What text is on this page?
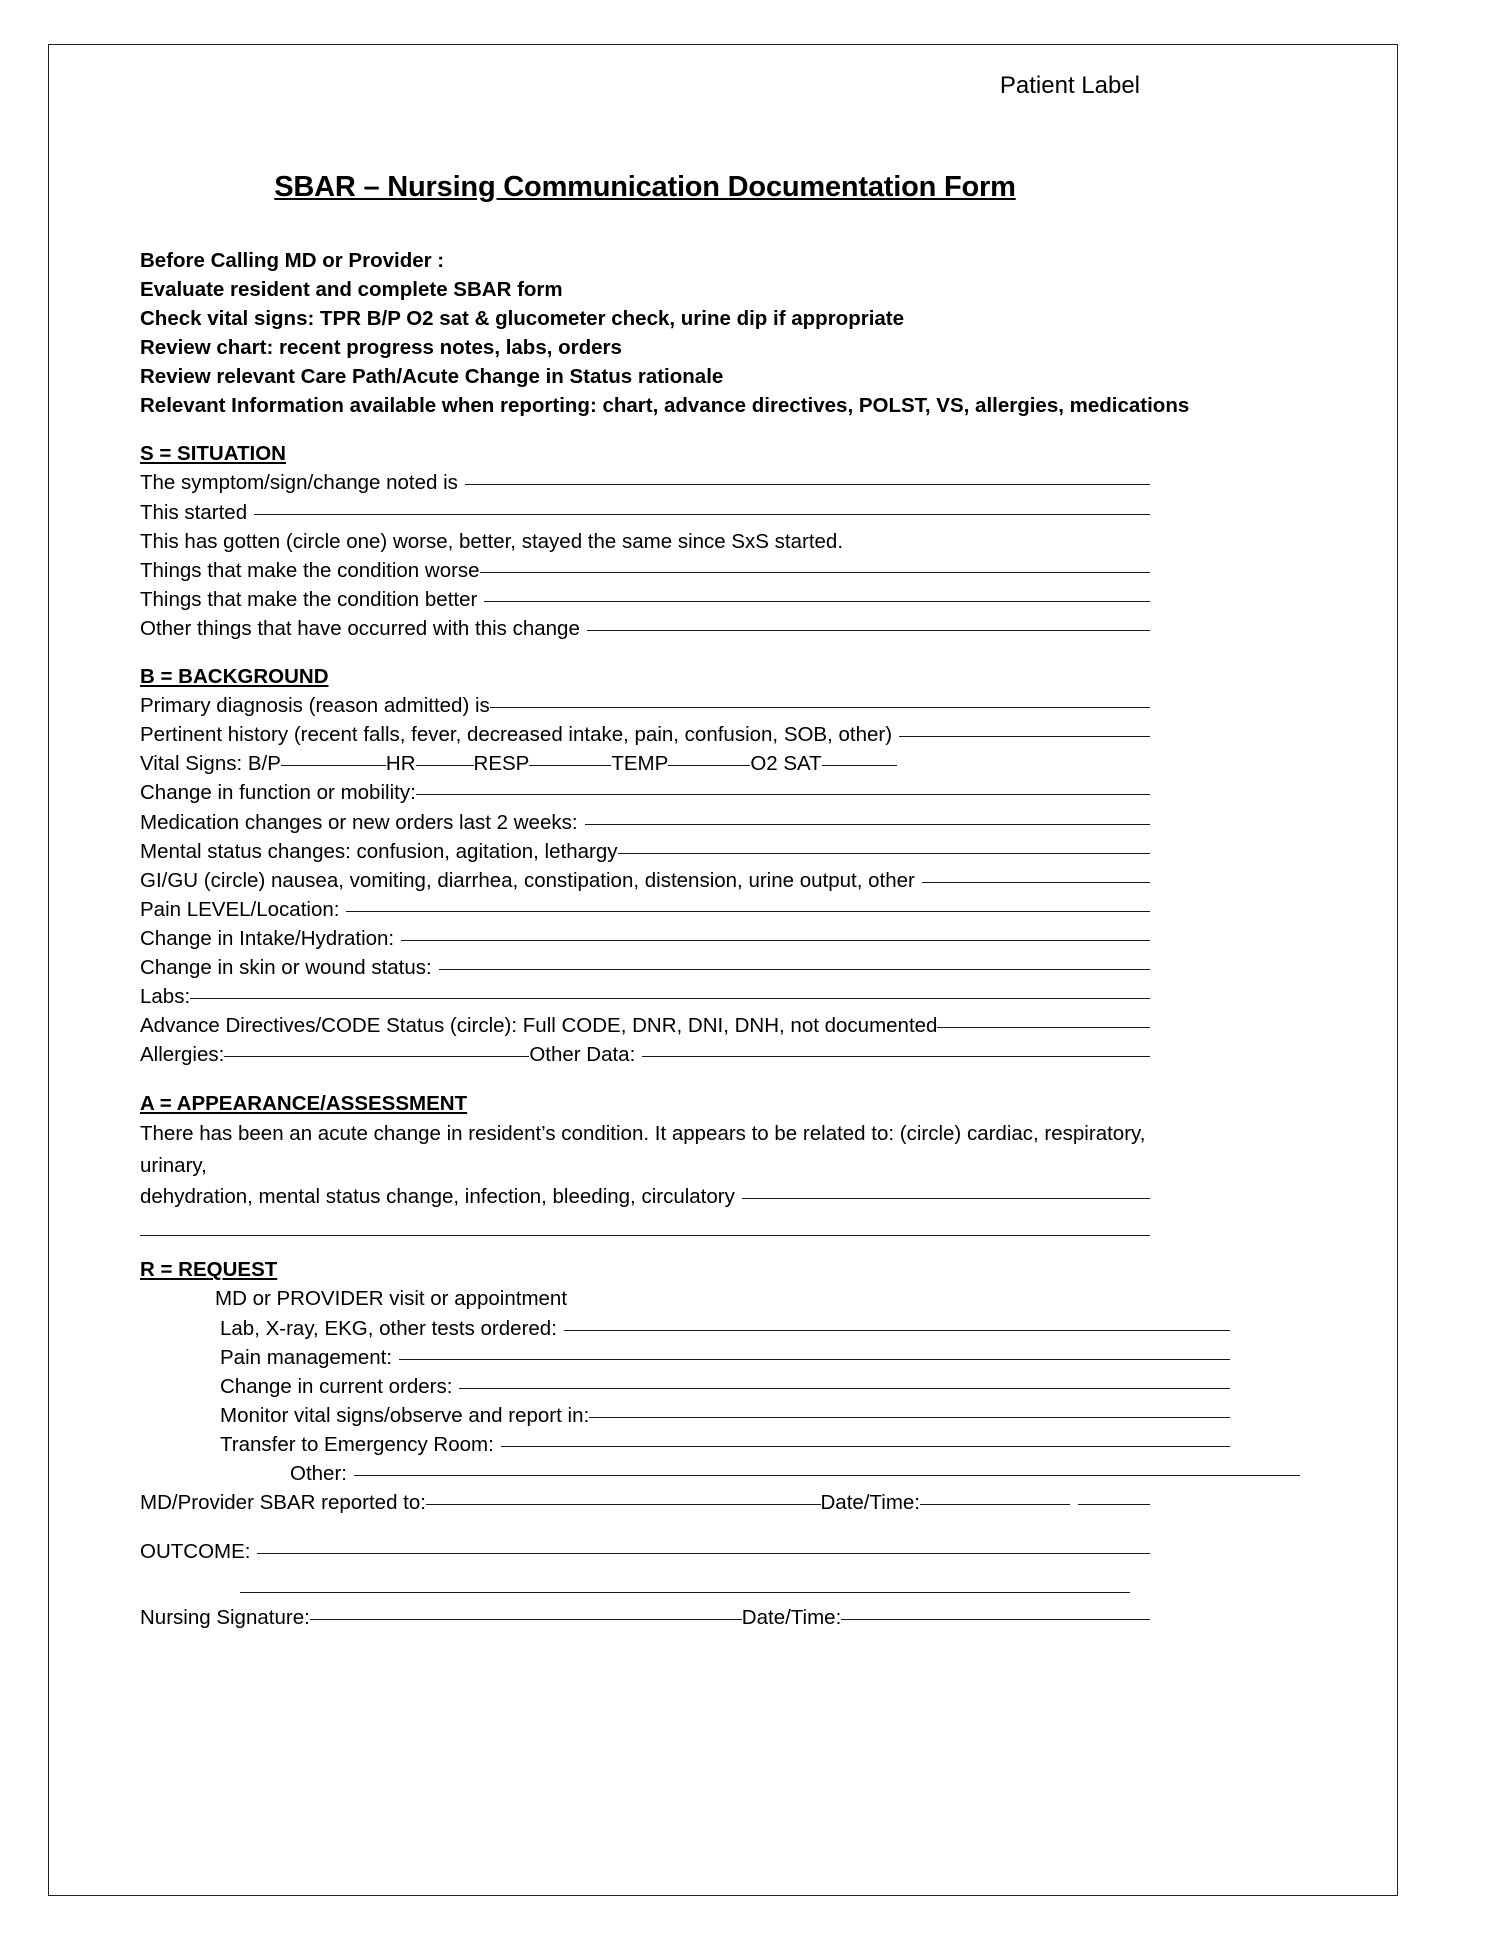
Patient Label
SBAR – Nursing Communication Documentation Form
Before Calling MD or Provider :
Evaluate resident and complete SBAR form
Check vital signs: TPR B/P O2 sat & glucometer check, urine dip if appropriate
Review chart: recent progress notes, labs, orders
Review relevant Care Path/Acute Change in Status rationale
Relevant Information available when reporting: chart, advance directives, POLST, VS, allergies, medications
S = SITUATION
The symptom/sign/change noted is
This started
This has gotten (circle one) worse, better, stayed the same since SxS started.
Things that make the condition worse
Things that make the condition better
Other things that have occurred with this change
B = BACKGROUND
Primary diagnosis (reason admitted) is
Pertinent history (recent falls, fever, decreased intake, pain, confusion, SOB, other)
Vital Signs: B/P	HR	RESP	TEMP	O2 SAT
Change in function or mobility:
Medication changes or new orders last 2 weeks:
Mental status changes: confusion, agitation, lethargy
GI/GU (circle) nausea, vomiting, diarrhea, constipation, distension, urine output, other
Pain LEVEL/Location:
Change in Intake/Hydration:
Change in skin or wound status:
Labs:
Advance Directives/CODE Status (circle): Full CODE, DNR, DNI, DNH, not documented
Allergies:	Other Data:
A = APPEARANCE/ASSESSMENT
There has been an acute change in resident’s condition. It appears to be related to: (circle) cardiac, respiratory, urinary,
dehydration, mental status change, infection, bleeding, circulatory
R = REQUEST
MD or PROVIDER visit or appointment
Lab, X-ray, EKG, other tests ordered:
Pain management:
Change in current orders:
Monitor vital signs/observe and report in:
Transfer to Emergency Room:
Other:
MD/Provider SBAR reported to:	Date/Time:
OUTCOME:
Nursing Signature:	Date/Time:
